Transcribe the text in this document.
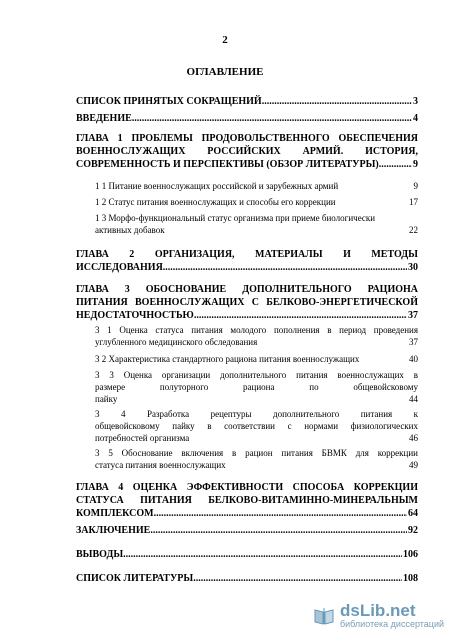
2
ОГЛАВЛЕНИЕ
СПИСОК ПРИНЯТЫХ СОКРАЩЕНИЙ .....	3
ВВЕДЕНИЕ .....	4
ГЛАВА 1 ПРОБЛЕМЫ ПРОДОВОЛЬСТВЕННОГО ОБЕСПЕЧЕНИЯ
ВОЕННОСЛУЖАЩИХ РОССИЙСКИХ АРМИЙ. ИСТОРИЯ,
СОВРЕМЕННОСТЬ И ПЕРСПЕКТИВЫ (ОБЗОР ЛИТЕРАТУРЫ) .....	9
1 1 Питание военнослужащих российской и зарубежных армий	9
1 2 Статус питания военнослужащих и способы его коррекции	17
1 3 Морфо-функциональный статус организма при приеме биологически
активных добавок	22
ГЛАВА 2 ОРГАНИЗАЦИЯ, МАТЕРИАЛЫ И МЕТОДЫ
ИССЛЕДОВАНИЯ .....	30
ГЛАВА 3 ОБОСНОВАНИЕ ДОПОЛНИТЕЛЬНОГО РАЦИОНА
ПИТАНИЯ ВОЕННОСЛУЖАЩИХ С БЕЛКОВО-ЭНЕРГЕТИЧЕСКОЙ
НЕДОСТАТОЧНОСТЬЮ .....	37
3 1 Оценка статуса питания молодого пополнения в период проведения
углубленного медицинского обследования	37
3 2 Характеристика стандартного рациона питания военнослужащих	40
3 3 Оценка организации дополнительного питания военнослужащих в
размере полуторного рациона по общевойсковому
пайку	44
3 4 Разработка рецептуры дополнительного питания к
общевойсковому пайку в соответствии с нормами физиологических
потребностей организма	46
3 5 Обоснование включения в рацион питания БВМК для коррекции
статуса питания военнослужащих	49
ГЛАВА 4 ОЦЕНКА ЭФФЕКТИВНОСТИ СПОСОБА КОРРЕКЦИИ
СТАТУСА ПИТАНИЯ БЕЛКОВО-ВИТАМИННО-МИНЕРАЛЬНЫМ
КОМПЛЕКСОМ .....	64
ЗАКЛЮЧЕНИЕ .....	92
ВЫВОДЫ .....	106
СПИСОК ЛИТЕРАТУРЫ .....	108
dsLib.net
библиотека диссертаций
